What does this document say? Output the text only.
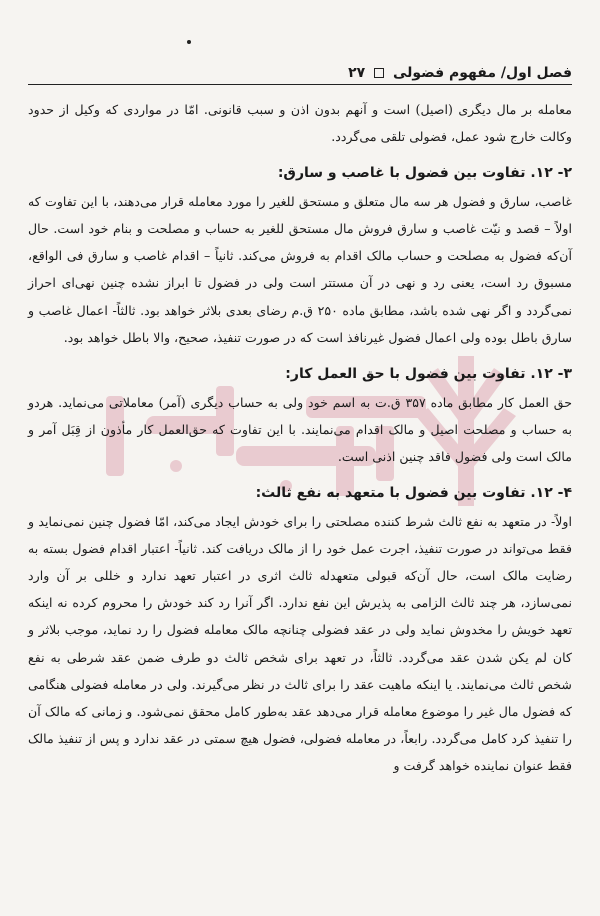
فصل اول/ مفهوم فضولی  ۲۷

معامله بر مال دیگری (اصیل) است و آنهم بدون اذن و سبب قانونی. امّا در مواردی که وکیل از حدود وکالت خارج شود عمل، فضولی تلقی می‌گردد.

۲- ۱۲. تفاوت بین فضول با غاصب و سارق:

غاصب، سارق و فضول هر سه مال متعلق و مستحق للغیر را مورد معامله قرار می‌دهند، با این تفاوت که اولاً – قصد و نیّت غاصب و سارق فروش مال مستحق للغیر به حساب و مصلحت و بنام خود است. حال آن‌که فضول به مصلحت و حساب مالک اقدام به فروش می‌کند. ثانیاً – اقدام غاصب و سارق فی الواقع، مسبوق رد است، یعنی رد و نهی در آن مستتر است ولی در فضول تا ابراز نشده چنین نهی‌ای احراز نمی‌گردد و اگر نهی شده باشد، مطابق ماده ۲۵۰ ق.م رضای بعدی بلاثر خواهد بود. ثالثاً- اعمال غاصب و سارق باطل بوده ولی اعمال فضول غیرنافذ است که در صورت تنفیذ، صحیح، والا باطل خواهد بود.

۳- ۱۲. تفاوت بین فضول با حق العمل کار:

حق العمل کار مطابق ماده ۳۵۷ ق.ت به اسم خود ولی به حساب دیگری (آمر) معاملاتی می‌نماید. هردو به حساب و مصلحت اصیل و مالک اقدام می‌نمایند. با این تفاوت که حق‌العمل کار مأذون از قِبَل آمر و مالک است ولی فضول فاقد چنین اذنی است.

۴- ۱۲. تفاوت بین فضول با متعهد به نفع ثالث:

اولاً- در متعهد به نفع ثالث شرط کننده مصلحتی را برای خودش ایجاد می‌کند، امّا فضول چنین نمی‌نماید و فقط می‌تواند در صورت تنفیذ، اجرت عمل خود را از مالک دریافت کند. ثانیاً- اعتبار اقدام فضول بسته به رضایت مالک است، حال آن‌که قبولی متعهدله ثالث اثری در اعتبار تعهد ندارد و خللی بر آن وارد نمی‌سازد، هر چند ثالث الزامی به پذیرش این نفع ندارد. اگر آنرا رد کند خودش را محروم کرده نه اینکه تعهد خویش را مخدوش نماید ولی در عقد فضولی چنانچه مالک معامله فضول را رد نماید، موجب بلاثر و کان لم یکن شدن عقد می‌گردد. ثالثاً، در تعهد برای شخص ثالث دو طرف ضمن عقد شرطی به نفع شخص ثالث می‌نمایند. یا اینکه ماهیت عقد را برای ثالث در نظر می‌گیرند. ولی در معامله فضولی هنگامی که فضول مال غیر را موضوع معامله قرار می‌دهد عقد به‌طور کامل محقق نمی‌شود. و زمانی که مالک آن را تنفیذ کرد کامل می‌گردد. رابعاً، در معامله فضولی، فضول هیچ سمتی در عقد ندارد و پس از تنفیذ مالک فقط عنوان نماینده خواهد گرفت و
